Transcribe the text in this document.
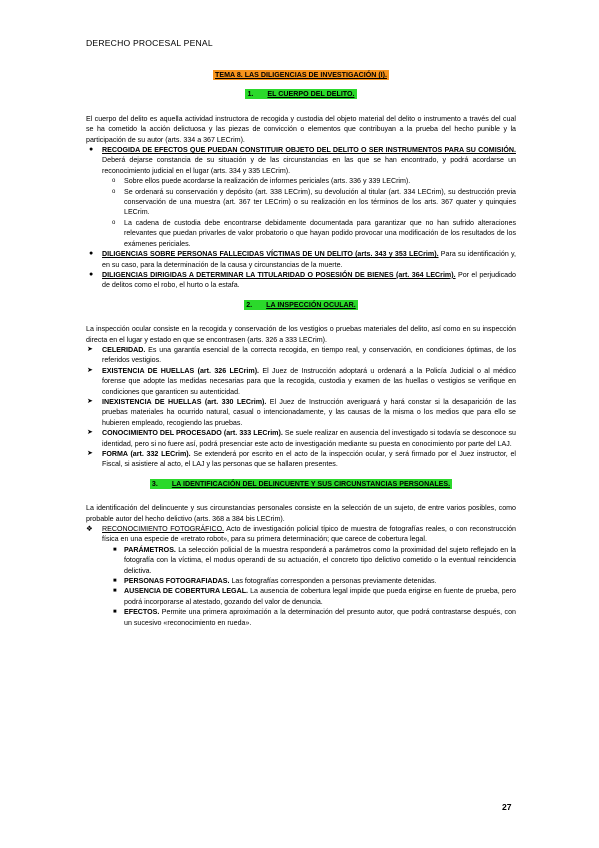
DERECHO PROCESAL PENAL

TEMA 8. LAS DILIGENCIAS DE INVESTIGACIÓN (I).

1. EL CUERPO DEL DELITO.

El cuerpo del delito es aquella actividad instructora de recogida y custodia del objeto material del delito o instrumento a través del cual se ha cometido la acción delictuosa y las piezas de convicción o elementos que contribuyan a la prueba del hecho punible y la participación de su autor (arts. 334 a 367 LECrim).

● RECOGIDA DE EFECTOS QUE PUEDAN CONSTITUIR OBJETO DEL DELITO O SER INSTRUMENTOS PARA SU COMISIÓN. Deberá dejarse constancia de su situación y de las circunstancias en las que se han encontrado, y podrá acordarse un reconocimiento judicial en el lugar (arts. 334 y 335 LECrim).
o Sobre ellos puede acordarse la realización de informes periciales (arts. 336 y 339 LECrim).
o Se ordenará su conservación y depósito (art. 338 LECrim), su devolución al titular (art. 334 LECrim), su destrucción previa conservación de una muestra (art. 367 ter LECrim) o su realización en los términos de los arts. 367 quater y quinquies LECrim.
o La cadena de custodia debe encontrarse debidamente documentada para garantizar que no han sufrido alteraciones relevantes que puedan privarles de valor probatorio o que hayan podido provocar una modificación de los resultados de los exámenes periciales.
● DILIGENCIAS SOBRE PERSONAS FALLECIDAS VÍCTIMAS DE UN DELITO (arts. 343 y 353 LECrim). Para su identificación y, en su caso, para la determinación de la causa y circunstancias de la muerte.
● DILIGENCIAS DIRIGIDAS A DETERMINAR LA TITULARIDAD O POSESIÓN DE BIENES (art. 364 LECrim). Por el perjudicado de delitos como el robo, el hurto o la estafa.

2. LA INSPECCIÓN OCULAR.

La inspección ocular consiste en la recogida y conservación de los vestigios o pruebas materiales del delito, así como en su inspección directa en el lugar y estado en que se encontrasen (arts. 326 a 333 LECrim).

➤ CELERIDAD. Es una garantía esencial de la correcta recogida, en tiempo real, y conservación, en condiciones óptimas, de los referidos vestigios.
➤ EXISTENCIA DE HUELLAS (art. 326 LECrim). El Juez de Instrucción adoptará u ordenará a la Policía Judicial o al médico forense que adopte las medidas necesarias para que la recogida, custodia y examen de las huellas o vestigios se verifique en condiciones que garanticen su autenticidad.
➤ INEXISTENCIA DE HUELLAS (art. 330 LECrim). El Juez de Instrucción averiguará y hará constar si la desaparición de las pruebas materiales ha ocurrido natural, casual o intencionadamente, y las causas de la misma o los medios que para ello se hubieren empleado, recogiendo las pruebas.
➤ CONOCIMIENTO DEL PROCESADO (art. 333 LECrim). Se suele realizar en ausencia del investigado si todavía se desconoce su identidad, pero si no fuere así, podrá presenciar este acto de investigación mediante su puesta en conocimiento por parte del LAJ.
➤ FORMA (art. 332 LECrim). Se extenderá por escrito en el acto de la inspección ocular, y será firmado por el Juez instructor, el Fiscal, si asistiere al acto, el LAJ y las personas que se hallaren presentes.

3. LA IDENTIFICACIÓN DEL DELINCUENTE Y SUS CIRCUNSTANCIAS PERSONALES.

La identificación del delincuente y sus circunstancias personales consiste en la selección de un sujeto, de entre varios posibles, como probable autor del hecho delictivo (arts. 368 a 384 bis LECrim).

❖ RECONOCIMIENTO FOTOGRÁFICO. Acto de investigación policial típico de muestra de fotografías reales, o con reconstrucción física en una especie de «retrato robot», para su primera determinación; que carece de cobertura legal.
■ PARÁMETROS. La selección policial de la muestra responderá a parámetros como la proximidad del sujeto reflejado en la fotografía con la víctima, el modus operandi de su actuación, el concreto tipo delictivo cometido o la eventual reincidencia delictiva.
■ PERSONAS FOTOGRAFIADAS. Las fotografías corresponden a personas previamente detenidas.
■ AUSENCIA DE COBERTURA LEGAL. La ausencia de cobertura legal impide que pueda erigirse en fuente de prueba, pero podrá incorporarse al atestado, gozando del valor de denuncia.
■ EFECTOS. Permite una primera aproximación a la determinación del presunto autor, que podrá contrastarse después, con un sucesivo «reconocimiento en rueda».
27
